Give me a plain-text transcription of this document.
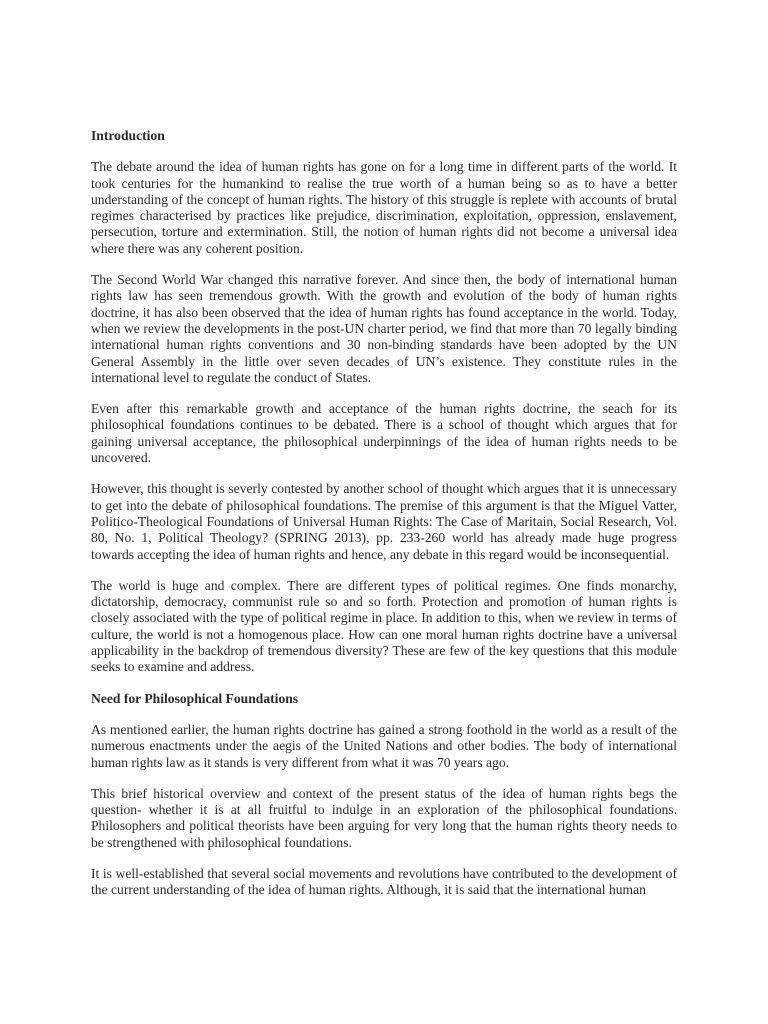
Introduction

The debate around the idea of human rights has gone on for a long time in different parts of the world. It took centuries for the humankind to realise the true worth of a human being so as to have a better understanding of the concept of human rights. The history of this struggle is replete with accounts of brutal regimes characterised by practices like prejudice, discrimination, exploitation, oppression, enslavement, persecution, torture and extermination. Still, the notion of human rights did not become a universal idea where there was any coherent position.

The Second World War changed this narrative forever. And since then, the body of international human rights law has seen tremendous growth. With the growth and evolution of the body of human rights doctrine, it has also been observed that the idea of human rights has found acceptance in the world. Today, when we review the developments in the post-UN charter period, we find that more than 70 legally binding international human rights conventions and 30 non-binding standards have been adopted by the UN General Assembly in the little over seven decades of UN’s existence. They constitute rules in the international level to regulate the conduct of States.

Even after this remarkable growth and acceptance of the human rights doctrine, the seach for its philosophical foundations continues to be debated. There is a school of thought which argues that for gaining universal acceptance, the philosophical underpinnings of the idea of human rights needs to be uncovered.

However, this thought is severly contested by another school of thought which argues that it is unnecessary to get into the debate of philosophical foundations. The premise of this argument is that the Miguel Vatter, Politico-Theological Foundations of Universal Human Rights: The Case of Maritain, Social Research, Vol. 80, No. 1, Political Theology? (SPRING 2013), pp. 233-260 world has already made huge progress towards accepting the idea of human rights and hence, any debate in this regard would be inconsequential.

The world is huge and complex. There are different types of political regimes. One finds monarchy, dictatorship, democracy, communist rule so and so forth. Protection and promotion of human rights is closely associated with the type of political regime in place. In addition to this, when we review in terms of culture, the world is not a homogenous place. How can one moral human rights doctrine have a universal applicability in the backdrop of tremendous diversity? These are few of the key questions that this module seeks to examine and address.

Need for Philosophical Foundations

As mentioned earlier, the human rights doctrine has gained a strong foothold in the world as a result of the numerous enactments under the aegis of the United Nations and other bodies. The body of international human rights law as it stands is very different from what it was 70 years ago.

This brief historical overview and context of the present status of the idea of human rights begs the question- whether it is at all fruitful to indulge in an exploration of the philosophical foundations. Philosophers and political theorists have been arguing for very long that the human rights theory needs to be strengthened with philosophical foundations.

It is well-established that several social movements and revolutions have contributed to the development of the current understanding of the idea of human rights. Although, it is said that the international human
